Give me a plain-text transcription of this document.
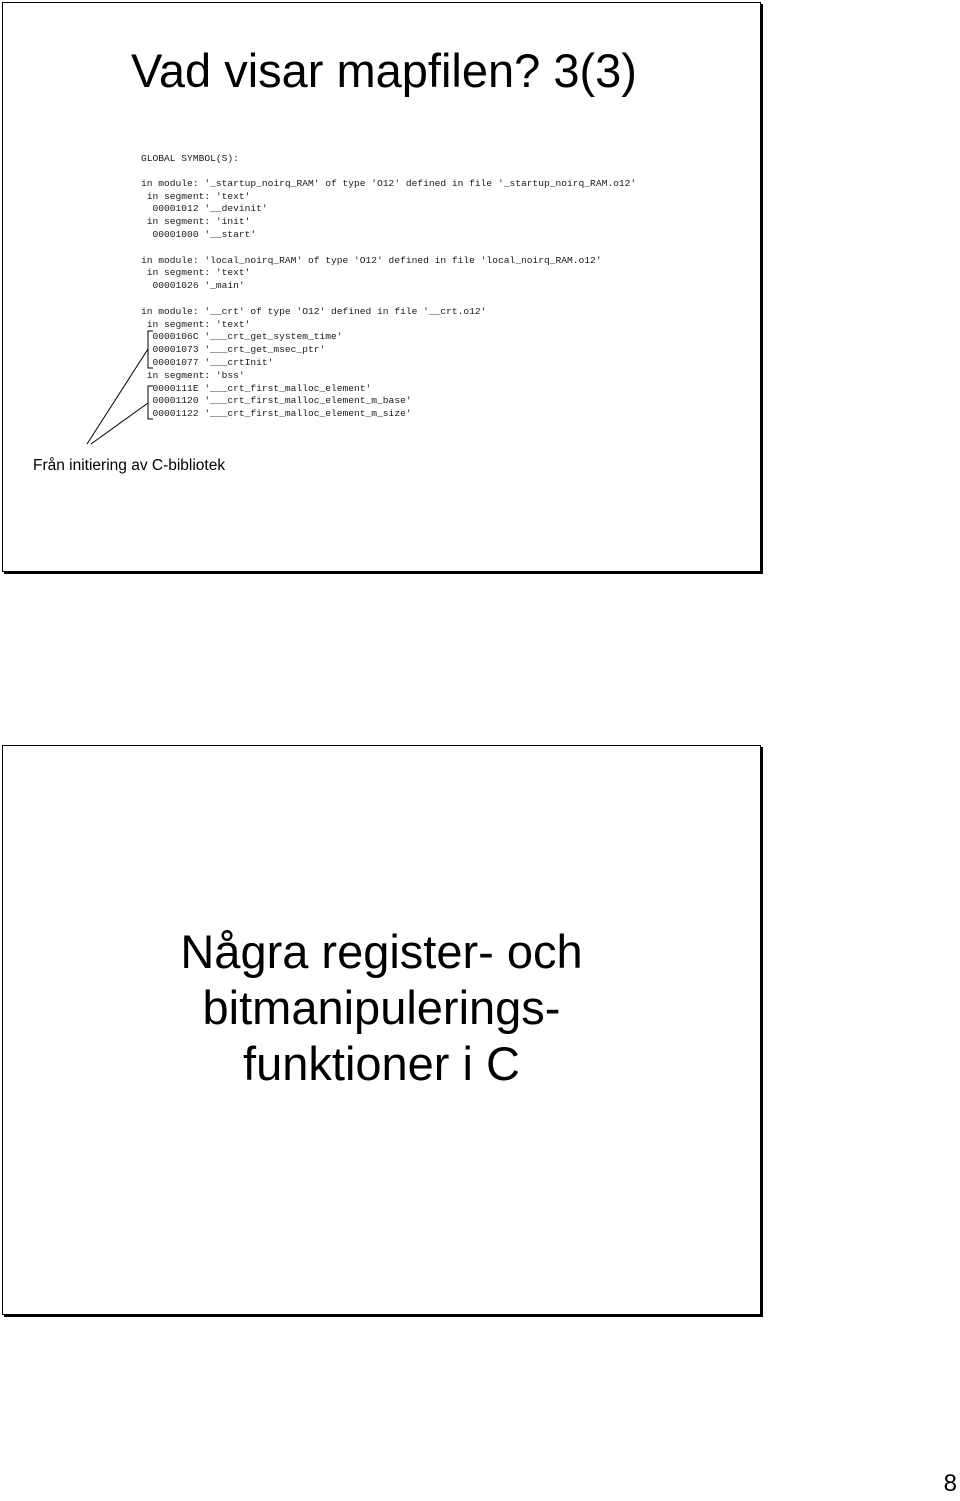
Vad visar mapfilen? 3(3)
GLOBAL SYMBOL(S):
in module: '_startup_noirq_RAM' of type 'O12' defined in file '_startup_noirq_RAM.o12'
in segment: 'text'
00001012 '__devinit'
in segment: 'init'
00001000 '__start'
in module: 'local_noirq_RAM' of type 'O12' defined in file 'local_noirq_RAM.o12'
in segment: 'text'
00001026 '_main'
in module: '__crt' of type 'O12' defined in file '__crt.o12'
in segment: 'text'
0000106C '___crt_get_system_time'
00001073 '___crt_get_msec_ptr'
00001077 '___crtInit'
in segment: 'bss'
0000111E '___crt_first_malloc_element'
00001120 '___crt_first_malloc_element_m_base'
00001122 '___crt_first_malloc_element_m_size'

Från initiering av C-bibliotek

Några register- och
bitmanipulerings-
funktioner i C
8
